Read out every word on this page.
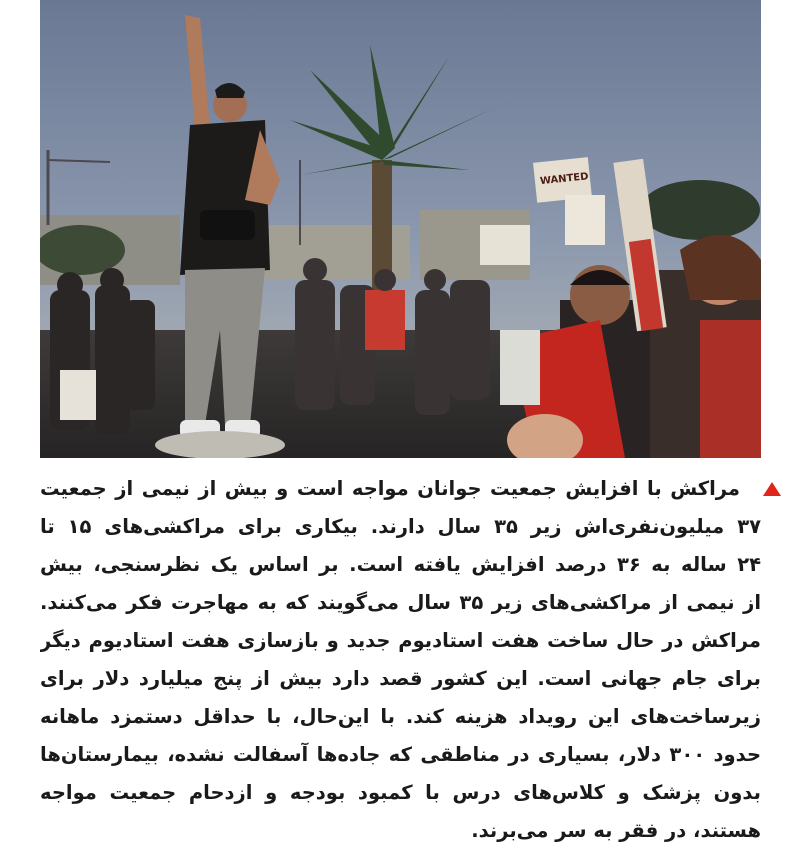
WANTED
مراکش با افزایش جمعیت جوانان مواجه است و بیش از نیمی از جمعیت
۳۷ میلیون‌نفری‌اش زیر ۳۵ سال دارند. بیکاری برای مراکشی‌های ۱۵ تا
۲۴ ساله به ۳۶ درصد افزایش یافته است. بر اساس یک نظرسنجی، بیش
از نیمی از مراکشی‌های زیر ۳۵ سال می‌گویند که به مهاجرت فکر می‌کنند.
مراکش در حال ساخت هفت استادیوم جدید و بازسازی هفت استادیوم دیگر
برای جام جهانی است. این کشور قصد دارد بیش از پنج میلیارد دلار برای
زیرساخت‌های این رویداد هزینه کند. با این‌حال، با حداقل دستمزد ماهانه
حدود ۳۰۰ دلار، بسیاری در مناطقی که جاده‌ها آسفالت نشده، بیمارستان‌ها
بدون پزشک و کلاس‌های درس با کمبود بودجه و ازدحام جمعیت مواجه
هستند، در فقر به سر می‌برند.
